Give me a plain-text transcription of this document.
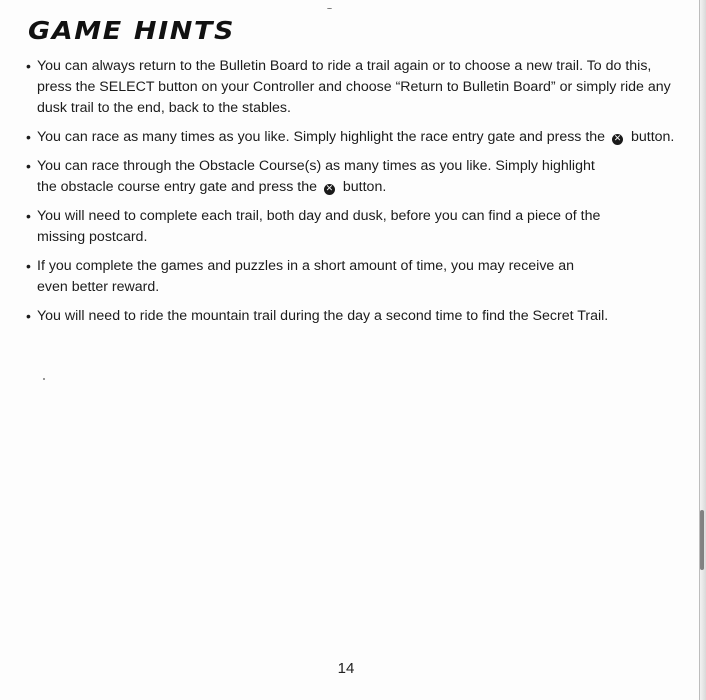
GAME HINTS
• You can always return to the Bulletin Board to ride a trail again or to choose a new trail. To do this, press the SELECT button on your Controller and choose “Return to Bulletin Board” or simply ride any dusk trail to the end, back to the stables.
• You can race as many times as you like. Simply highlight the race entry gate and press the ✕ button.
• You can race through the Obstacle Course(s) as many times as you like. Simply highlight the obstacle course entry gate and press the ✕ button.
• You will need to complete each trail, both day and dusk, before you can find a piece of the missing postcard.
• If you complete the games and puzzles in a short amount of time, you may receive an even better reward.
• You will need to ride the mountain trail during the day a second time to find the Secret Trail.
14
